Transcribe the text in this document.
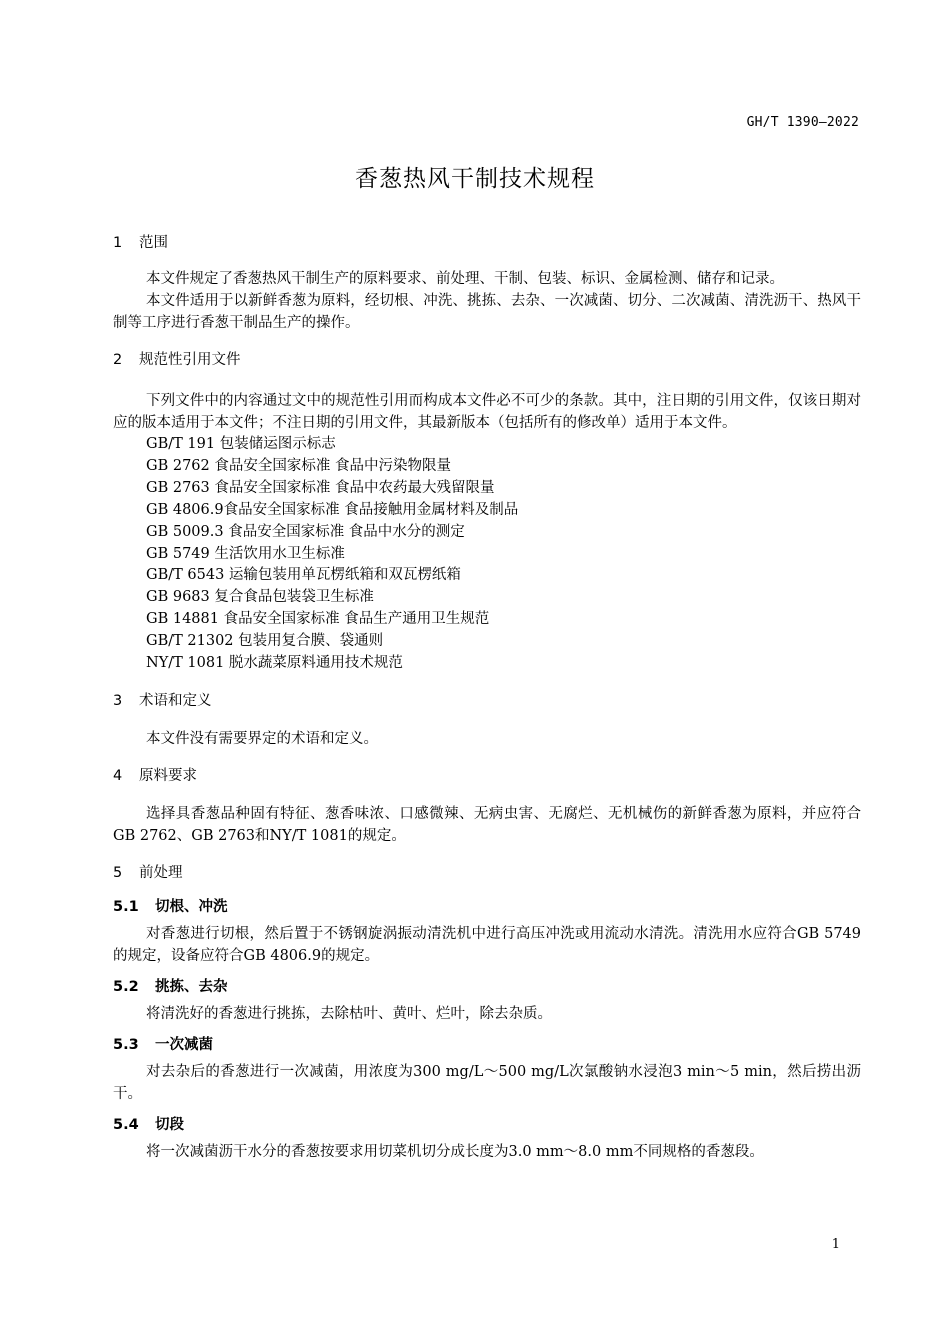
GH/T 1390—2022
香葱热风干制技术规程
1 范围

本文件规定了香葱热风干制生产的原料要求、前处理、干制、包装、标识、金属检测、储存和记录。

本文件适用于以新鲜香葱为原料，经切根、冲洗、挑拣、去杂、一次减菌、切分、二次减菌、清洗沥干、热风干制等工序进行香葱干制品生产的操作。

2 规范性引用文件

下列文件中的内容通过文中的规范性引用而构成本文件必不可少的条款。其中，注日期的引用文件，仅该日期对应的版本适用于本文件；不注日期的引用文件，其最新版本（包括所有的修改单）适用于本文件。

GB/T 191 包装储运图示标志
GB 2762 食品安全国家标准 食品中污染物限量
GB 2763 食品安全国家标准 食品中农药最大残留限量
GB 4806.9食品安全国家标准 食品接触用金属材料及制品
GB 5009.3 食品安全国家标准 食品中水分的测定
GB 5749 生活饮用水卫生标准
GB/T 6543 运输包装用单瓦楞纸箱和双瓦楞纸箱
GB 9683 复合食品包装袋卫生标准
GB 14881 食品安全国家标准 食品生产通用卫生规范
GB/T 21302 包装用复合膜、袋通则
NY/T 1081 脱水蔬菜原料通用技术规范
3 术语和定义

本文件没有需要界定的术语和定义。

4 原料要求

选择具香葱品种固有特征、葱香味浓、口感微辣、无病虫害、无腐烂、无机械伤的新鲜香葱为原料，并应符合GB 2762、GB 2763和NY/T 1081的规定。

5 前处理
5.1 切根、冲洗

对香葱进行切根，然后置于不锈钢旋涡振动清洗机中进行高压冲洗或用流动水清洗。清洗用水应符合GB 5749的规定，设备应符合GB 4806.9的规定。

5.2 挑拣、去杂

将清洗好的香葱进行挑拣，去除枯叶、黄叶、烂叶，除去杂质。

5.3 一次减菌

对去杂后的香葱进行一次减菌，用浓度为300 mg/L～500 mg/L次氯酸钠水浸泡3 min～5 min，然后捞出沥干。

5.4 切段

将一次减菌沥干水分的香葱按要求用切菜机切分成长度为3.0 mm～8.0 mm不同规格的香葱段。

1
